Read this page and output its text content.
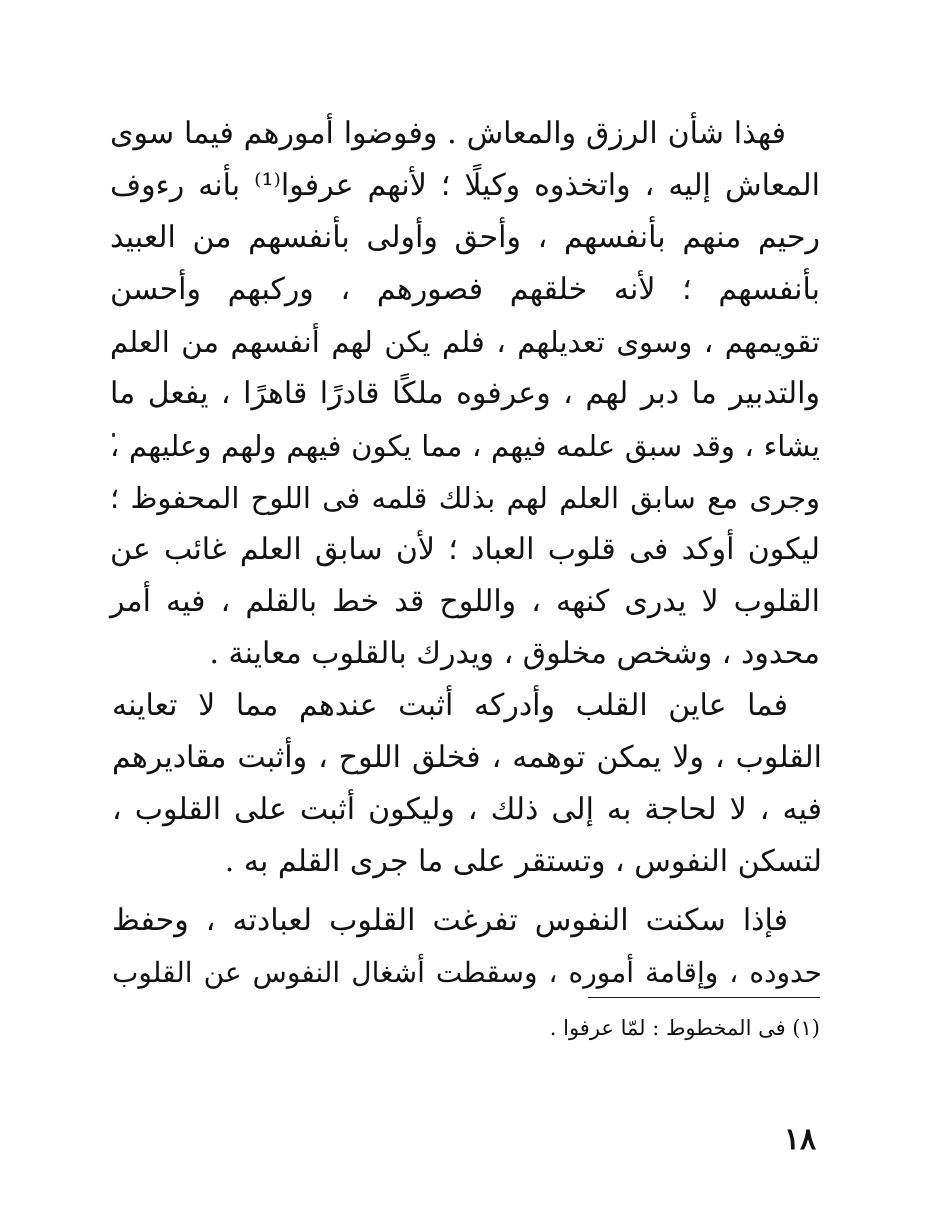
فهذا شأن الرزق والمعاش . وفوضوا أمورهم فيما سوى
المعاش إليه ، واتخذوه وكيلًا ؛ لأنهم عرفوا⁽¹⁾ بأنه رءوف
رحيم منهم بأنفسهم ، وأحق وأولى بأنفسهم من العبيد
بأنفسهم ؛ لأنه خلقهم فصورهم ، وركبهم وأحسن
تقويمهم ، وسوى تعديلهم ، فلم يكن لهم أنفسهم من العلم
والتدبير ما دبر لهم ، وعرفوه ملكًا قادرًا قاهرًا ، يفعل ما
يشاء ، وقد سبق علمه فيهم ، مما يكون فيهم ولهم وعليهم ،
وجرى مع سابق العلم لهم بذلك قلمه فى اللوح المحفوظ ؛
ليكون أوكد فى قلوب العباد ؛ لأن سابق العلم غائب عن
القلوب لا يدرى كنهه ، واللوح قد خط بالقلم ، فيه أمر
محدود ، وشخص مخلوق ، ويدرك بالقلوب معاينة .
فما عاين القلب وأدركه أثبت عندهم مما لا تعاينه
القلوب ، ولا يمكن توهمه ، فخلق اللوح ، وأثبت مقاديرهم
فيه ، لا لحاجة به إلى ذلك ، وليكون أثبت على القلوب ،
لتسكن النفوس ، وتستقر على ما جرى القلم به .
فإذا سكنت النفوس تفرغت القلوب لعبادته ، وحفظ
حدوده ، وإقامة أموره ، وسقطت أشغال النفوس عن القلوب
(١) فى المخطوط : لمّا عرفوا .
١٨
